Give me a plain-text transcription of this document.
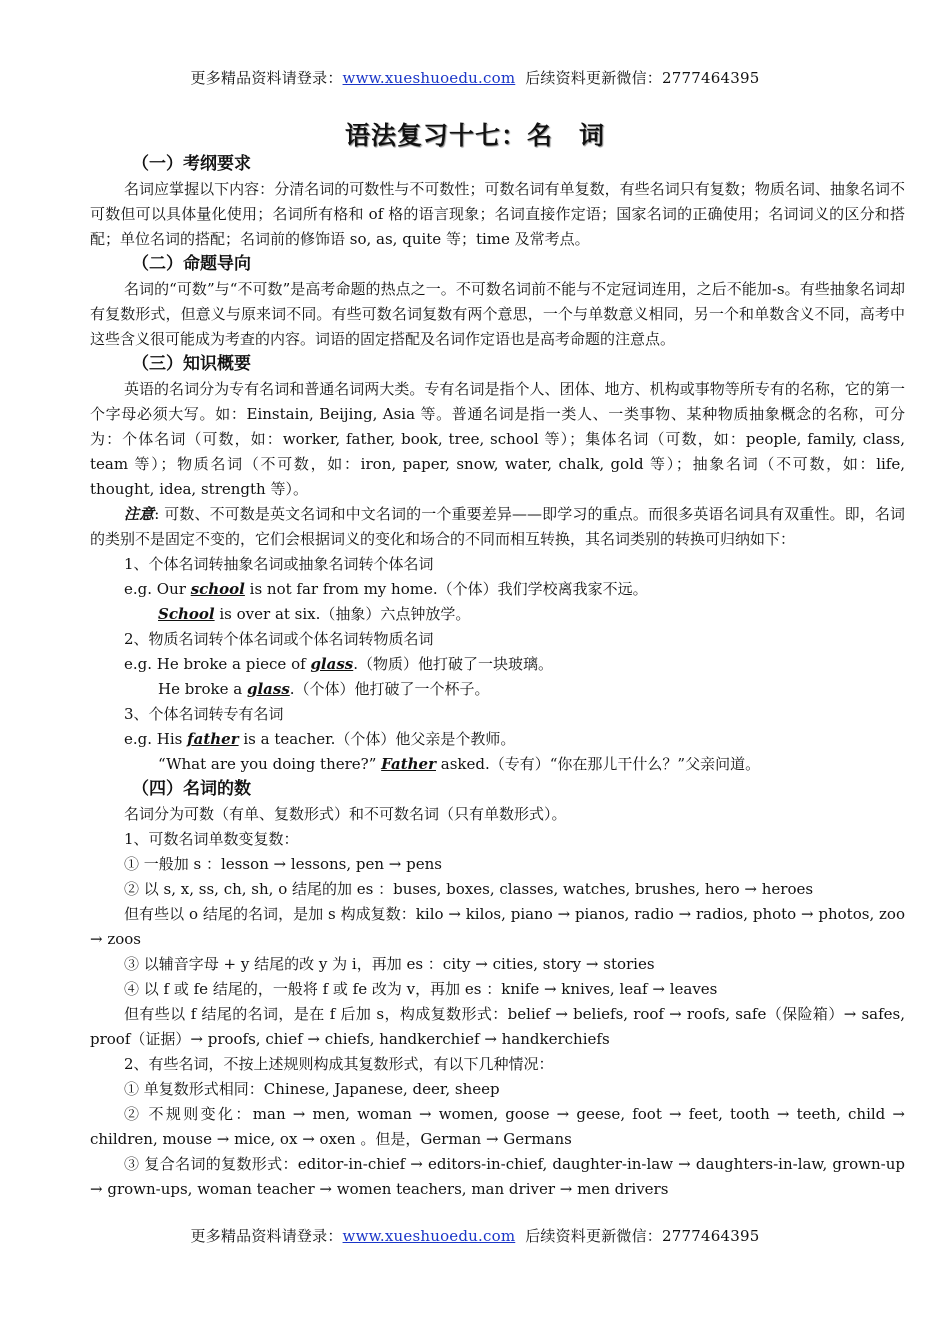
更多精品资料请登录：www.xueshuoedu.com 后续资料更新微信：2777464395
语法复习十七：名　词
（一）考纲要求
名词应掌握以下内容：分清名词的可数性与不可数性；可数名词有单复数，有些名词只有复数；物质名词、抽象名词不可数但可以具体量化使用；名词所有格和 of 格的语言现象；名词直接作定语；国家名词的正确使用；名词词义的区分和搭配；单位名词的搭配；名词前的修饰语 so, as, quite 等；time 及常考点。
（二）命题导向
名词的“可数”与“不可数”是高考命题的热点之一。不可数名词前不能与不定冠词连用，之后不能加-s。有些抽象名词却有复数形式，但意义与原来词不同。有些可数名词复数有两个意思，一个与单数意义相同，另一个和单数含义不同，高考中这些含义很可能成为考查的内容。词语的固定搭配及名词作定语也是高考命题的注意点。
（三）知识概要
英语的名词分为专有名词和普通名词两大类。专有名词是指个人、团体、地方、机构或事物等所专有的名称，它的第一个字母必须大写。如：Einstain, Beijing, Asia 等。普通名词是指一类人、一类事物、某种物质抽象概念的名称，可分为：个体名词（可数，如：worker, father, book, tree, school 等）；集体名词（可数，如：people, family, class, team 等）；物质名词（不可数，如：iron, paper, snow, water, chalk, gold 等）；抽象名词（不可数，如：life, thought, idea, strength 等）。
注意: 可数、不可数是英文名词和中文名词的一个重要差异——即学习的重点。而很多英语名词具有双重性。即，名词的类别不是固定不变的，它们会根据词义的变化和场合的不同而相互转换，其名词类别的转换可归纳如下：
1、个体名词转抽象名词或抽象名词转个体名词
e.g. Our school is not far from my home.（个体）我们学校离我家不远。
School is over at six.（抽象）六点钟放学。
2、物质名词转个体名词或个体名词转物质名词
e.g. He broke a piece of glass.（物质）他打破了一块玻璃。
He broke a glass.（个体）他打破了一个杯子。
3、个体名词转专有名词
e.g. His father is a teacher.（个体）他父亲是个教师。
“What are you doing there?” Father asked.（专有）“你在那儿干什么？”父亲问道。
（四）名词的数
名词分为可数（有单、复数形式）和不可数名词（只有单数形式）。
1、可数名词单数变复数：
① 一般加 s ：lesson → lessons, pen → pens
② 以 s, x, ss, ch, sh, o 结尾的加 es ：buses, boxes, classes, watches, brushes, hero → heroes
但有些以 o 结尾的名词，是加 s 构成复数：kilo → kilos, piano → pianos, radio → radios, photo → photos, zoo → zoos
③ 以辅音字母 + y 结尾的改 y 为 i，再加 es ：city → cities, story → stories
④ 以 f 或 fe 结尾的，一般将 f 或 fe 改为 v，再加 es ：knife → knives, leaf → leaves
但有些以 f 结尾的名词，是在 f 后加 s，构成复数形式：belief → beliefs, roof → roofs, safe（保险箱）→ safes, proof（证据）→ proofs, chief → chiefs, handkerchief → handkerchiefs
2、有些名词，不按上述规则构成其复数形式，有以下几种情况：
① 单复数形式相同：Chinese, Japanese, deer, sheep
② 不规则变化：man → men, woman → women, goose → geese, foot → feet, tooth → teeth, child → children, mouse → mice, ox → oxen 。但是，German → Germans
③ 复合名词的复数形式：editor-in-chief → editors-in-chief, daughter-in-law → daughters-in-law, grown-up → grown-ups, woman teacher → women teachers, man driver → men drivers
更多精品资料请登录：www.xueshuoedu.com 后续资料更新微信：2777464395
